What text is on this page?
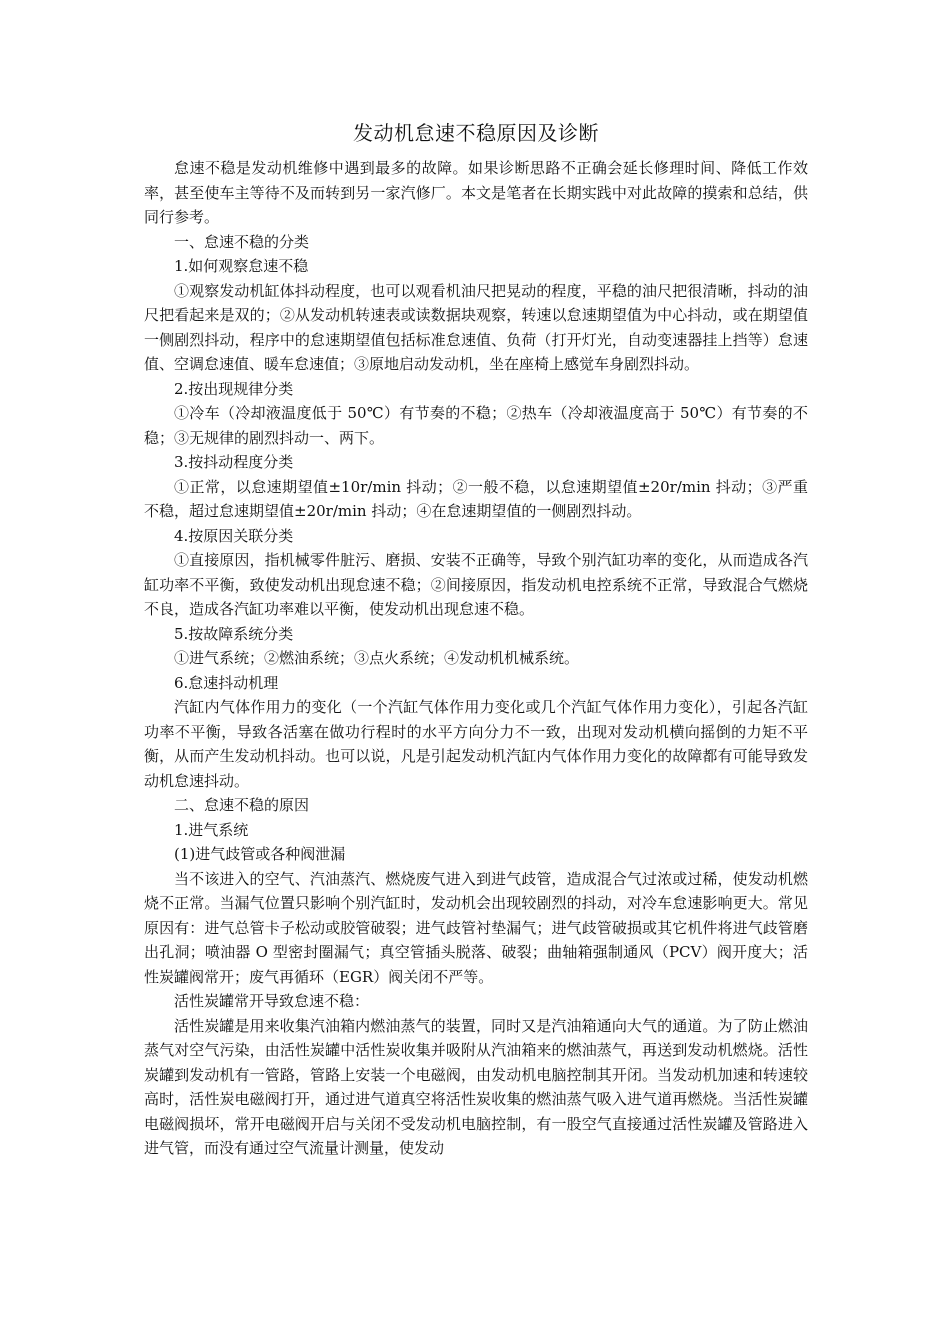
发动机怠速不稳原因及诊断

怠速不稳是发动机维修中遇到最多的故障。如果诊断思路不正确会延长修理时间、降低工作效率，甚至使车主等待不及而转到另一家汽修厂。本文是笔者在长期实践中对此故障的摸索和总结，供同行参考。

一、怠速不稳的分类

1.如何观察怠速不稳

①观察发动机缸体抖动程度，也可以观看机油尺把晃动的程度，平稳的油尺把很清晰，抖动的油尺把看起来是双的；②从发动机转速表或读数据块观察，转速以怠速期望值为中心抖动，或在期望值一侧剧烈抖动，程序中的怠速期望值包括标准怠速值、负荷（打开灯光，自动变速器挂上挡等）怠速值、空调怠速值、暖车怠速值；③原地启动发动机，坐在座椅上感觉车身剧烈抖动。

2.按出现规律分类

①冷车（冷却液温度低于 50℃）有节奏的不稳；②热车（冷却液温度高于 50℃）有节奏的不稳；③无规律的剧烈抖动一、两下。

3.按抖动程度分类

①正常，以怠速期望值±10r/min 抖动；②一般不稳，以怠速期望值±20r/min 抖动；③严重不稳，超过怠速期望值±20r/min 抖动；④在怠速期望值的一侧剧烈抖动。

4.按原因关联分类

①直接原因，指机械零件脏污、磨损、安装不正确等，导致个别汽缸功率的变化，从而造成各汽缸功率不平衡，致使发动机出现怠速不稳；②间接原因，指发动机电控系统不正常，导致混合气燃烧不良，造成各汽缸功率难以平衡，使发动机出现怠速不稳。

5.按故障系统分类

①进气系统；②燃油系统；③点火系统；④发动机机械系统。

6.怠速抖动机理

汽缸内气体作用力的变化（一个汽缸气体作用力变化或几个汽缸气体作用力变化），引起各汽缸功率不平衡，导致各活塞在做功行程时的水平方向分力不一致，出现对发动机横向摇倒的力矩不平衡，从而产生发动机抖动。也可以说，凡是引起发动机汽缸内气体作用力变化的故障都有可能导致发动机怠速抖动。

二、怠速不稳的原因

1.进气系统

(1)进气歧管或各种阀泄漏

当不该进入的空气、汽油蒸汽、燃烧废气进入到进气歧管，造成混合气过浓或过稀，使发动机燃烧不正常。当漏气位置只影响个别汽缸时，发动机会出现较剧烈的抖动，对冷车怠速影响更大。常见原因有：进气总管卡子松动或胶管破裂；进气歧管衬垫漏气；进气歧管破损或其它机件将进气歧管磨出孔洞；喷油器 O 型密封圈漏气；真空管插头脱落、破裂；曲轴箱强制通风（PCV）阀开度大；活性炭罐阀常开；废气再循环（EGR）阀关闭不严等。

活性炭罐常开导致怠速不稳：

活性炭罐是用来收集汽油箱内燃油蒸气的装置，同时又是汽油箱通向大气的通道。为了防止燃油蒸气对空气污染，由活性炭罐中活性炭收集并吸附从汽油箱来的燃油蒸气，再送到发动机燃烧。活性炭罐到发动机有一管路，管路上安装一个电磁阀，由发动机电脑控制其开闭。当发动机加速和转速较高时，活性炭电磁阀打开，通过进气道真空将活性炭收集的燃油蒸气吸入进气道再燃烧。当活性炭罐电磁阀损坏，常开电磁阀开启与关闭不受发动机电脑控制，有一股空气直接通过活性炭罐及管路进入进气管，而没有通过空气流量计测量，使发动
